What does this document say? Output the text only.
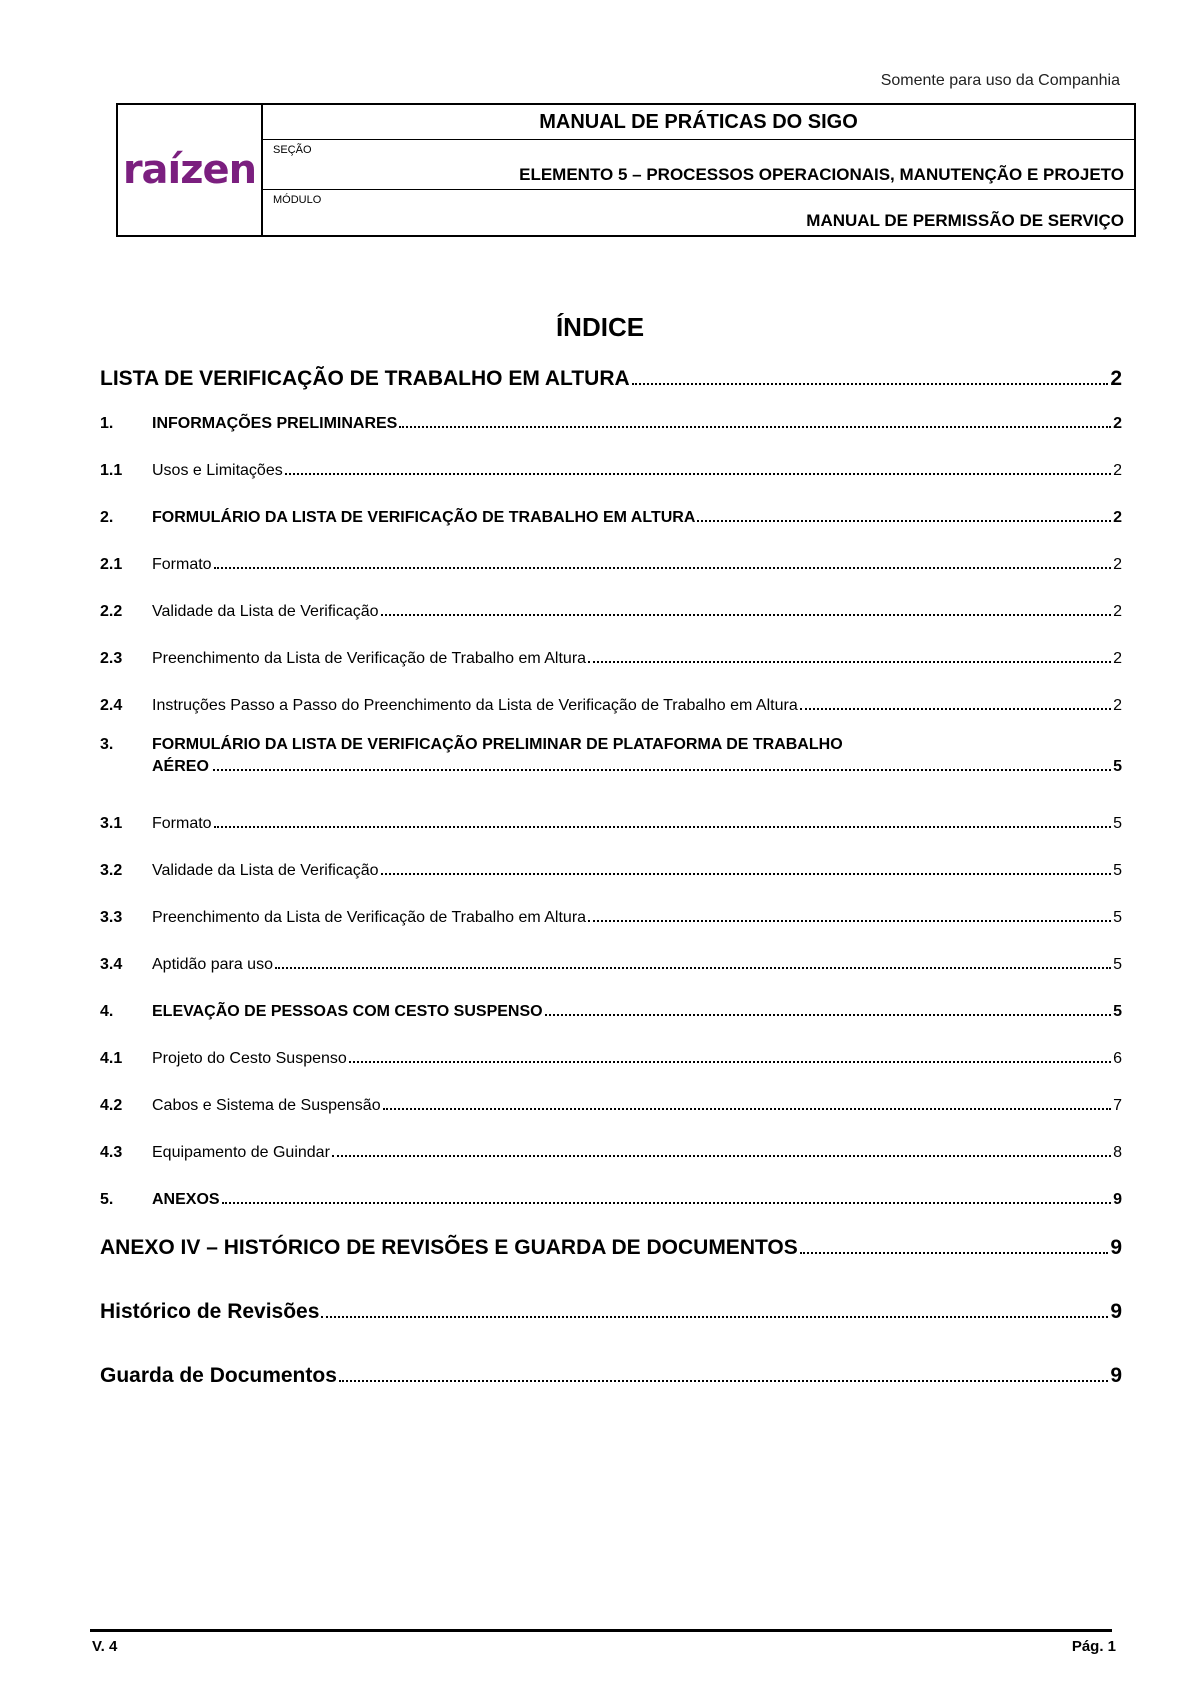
Somente para uso da Companhia
raízen
MANUAL DE PRÁTICAS DO SIGO
SEÇÃO
ELEMENTO 5 – PROCESSOS OPERACIONAIS, MANUTENÇÃO E PROJETO
MÓDULO
MANUAL DE PERMISSÃO DE SERVIÇO
ÍNDICE
LISTA DE VERIFICAÇÃO DE TRABALHO EM ALTURA	2
1.	INFORMAÇÕES PRELIMINARES	2
1.1	Usos e Limitações	2
2.	FORMULÁRIO DA LISTA DE VERIFICAÇÃO DE TRABALHO EM ALTURA	2
2.1	Formato	2
2.2	Validade da Lista de Verificação	2
2.3	Preenchimento da Lista de Verificação de Trabalho em Altura	2
2.4	Instruções Passo a Passo do Preenchimento da Lista de Verificação de Trabalho em Altura	2
3.	FORMULÁRIO DA LISTA DE VERIFICAÇÃO PRELIMINAR DE PLATAFORMA DE TRABALHO
AÉREO	5
3.1	Formato	5
3.2	Validade da Lista de Verificação	5
3.3	Preenchimento da Lista de Verificação de Trabalho em Altura	5
3.4	Aptidão para uso	5
4.	ELEVAÇÃO DE PESSOAS COM CESTO SUSPENSO	5
4.1	Projeto do Cesto Suspenso	6
4.2	Cabos e Sistema de Suspensão	7
4.3	Equipamento de Guindar	8
5.	ANEXOS	9
ANEXO IV – HISTÓRICO DE REVISÕES E GUARDA DE DOCUMENTOS	9
Histórico de Revisões	9
Guarda de Documentos	9
V. 4	Pág. 1
